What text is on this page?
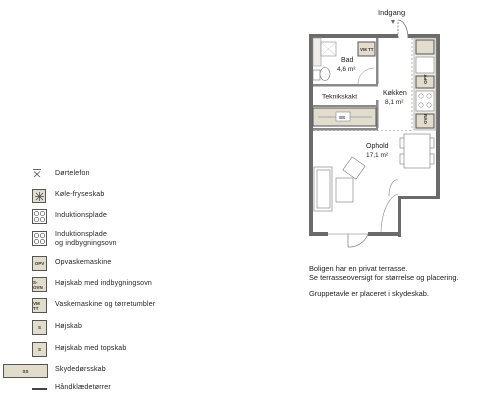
Indgang
VM TT
Bad
4,6 m²
Teknikskakt
SS
OPV
OVN
Køkken
8,1 m²
Ophold
17,1 m²
Boligen har en privat terrasse.
Se terrasseoversigt for størrelse og placering.
Gruppetavle er placeret i skydeskab.
Dørtelefon
Køle-fryseskab
Induktionsplade
Induktionsplade
og indbygningsovn
OPV	Opvaskemaskine
S-OVN	Højskab med indbygningsovn
VM TT	Vaskemaskine og tørretumbler
S	Højskab
S	Højskab med topskab
SS	Skydedørsskab
Håndklædetørrer
